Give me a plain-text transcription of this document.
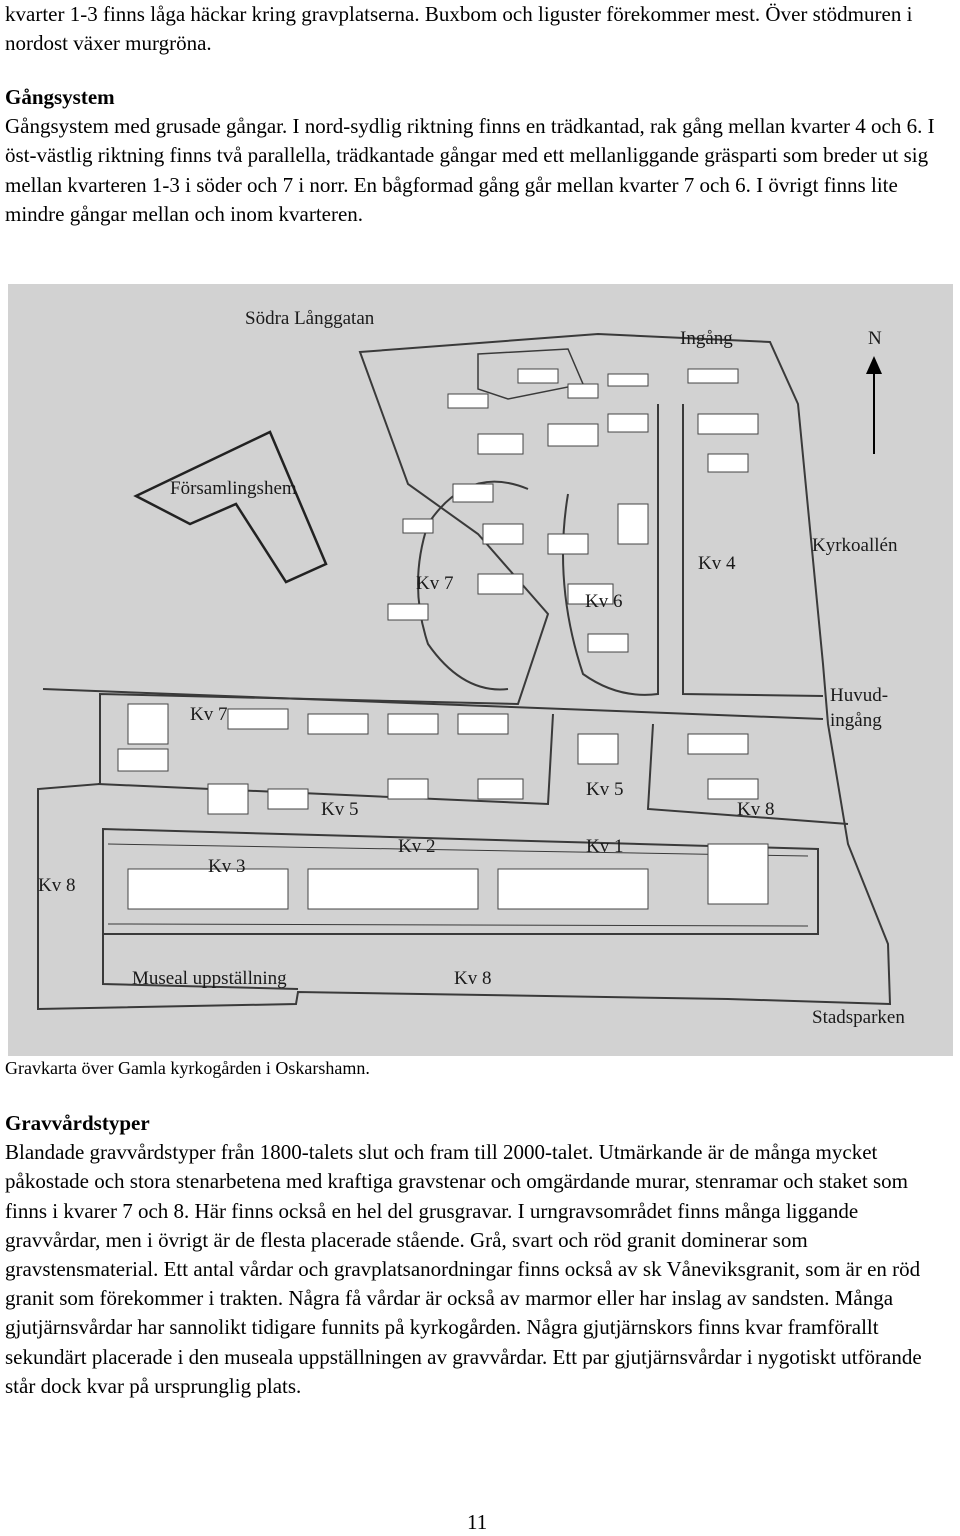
kvarter 1-3 finns låga häckar kring gravplatserna. Buxbom och liguster förekommer mest. Över stödmuren i nordost växer murgröna.

Gångsystem
Gångsystem med grusade gångar. I nord-sydlig riktning finns en trädkantad, rak gång mellan kvarter 4 och 6. I öst-västlig riktning finns två parallella, trädkantade gångar med ett mellanliggande gräsparti som breder ut sig mellan kvarteren 1-3 i söder och 7 i norr. En bågformad gång går mellan kvarter 7 och 6. I övrigt finns lite mindre gångar mellan och inom kvarteren.
Södra Långgatan
Ingång	N
Församlingshem
Kyrkoallén
Kv 7
Kv 6
Kv 4
Kv 7
Huvud-
ingång
Kv 5
Kv 5
Kv 8
Kv 2	Kv 1
Kv 8
Kv 3
Museal uppställning	Kv 8
Stadsparken

Gravkarta över Gamla kyrkogården i Oskarshamn.

Gravvårdstyper
Blandade gravvårdstyper från 1800-talets slut och fram till 2000-talet. Utmärkande är de många mycket påkostade och stora stenarbetena med kraftiga gravstenar och omgärdande murar, stenramar och staket som finns i kvarer 7 och 8. Här finns också en hel del grusgravar. I urngravsområdet finns många liggande gravvårdar, men i övrigt är de flesta placerade stående. Grå, svart och röd granit dominerar som gravstensmaterial. Ett antal vårdar och gravplatsanordningar finns också av sk Våneviksgranit, som är en röd granit som förekommer i trakten. Några få vårdar är också av marmor eller har inslag av sandsten. Många gjutjärnsvårdar har sannolikt tidigare funnits på kyrkogården. Några gjutjärnskors finns kvar framförallt sekundärt placerade i den museala uppställningen av gravvårdar. Ett par gjutjärnsvårdar i nygotiskt utförande står dock kvar på ursprunglig plats.

11
